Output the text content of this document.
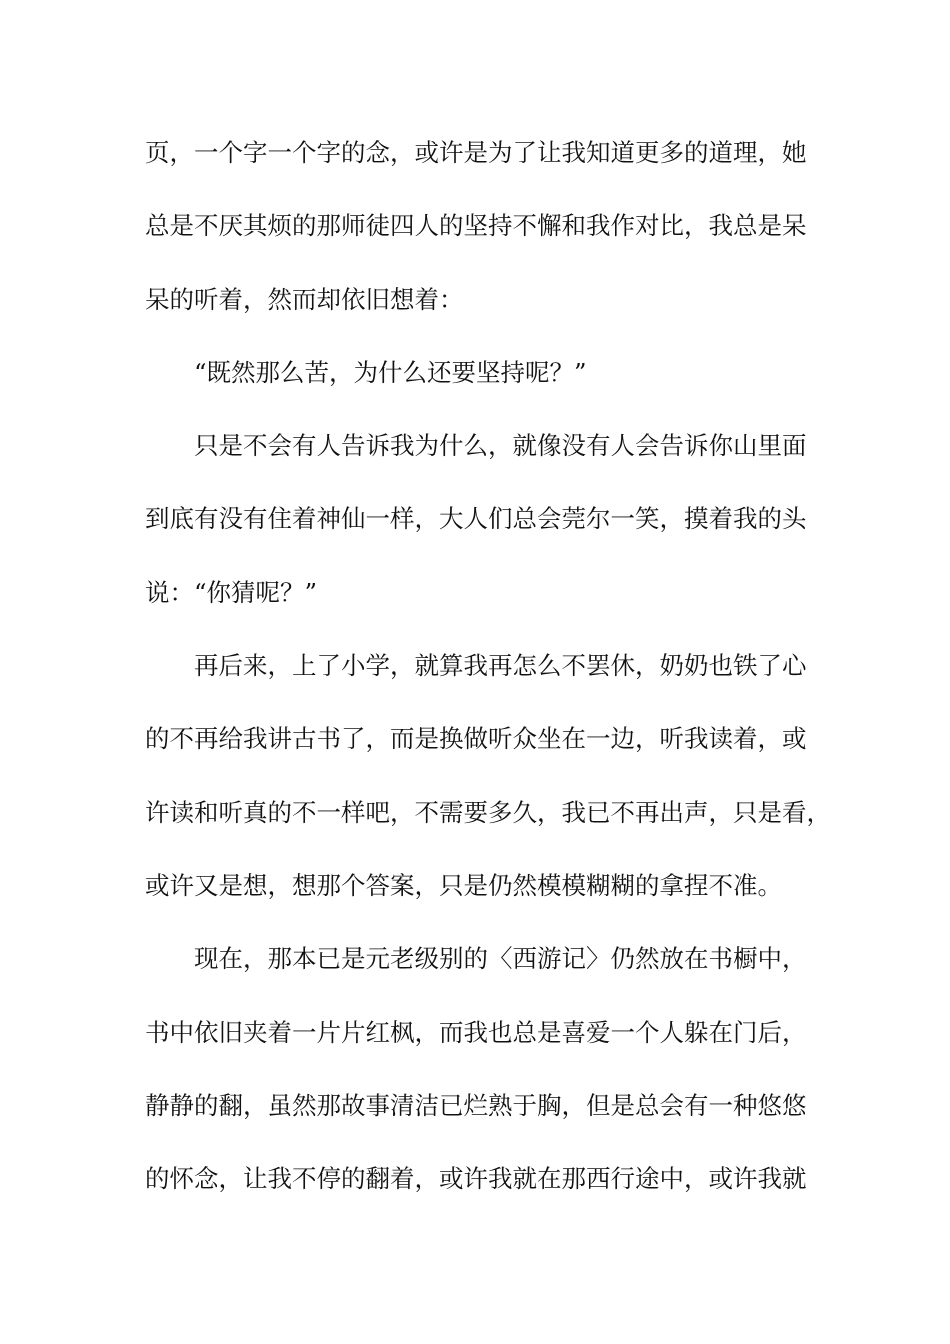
页，一个字一个字的念，或许是为了让我知道更多的道理，她
总是不厌其烦的那师徒四人的坚持不懈和我作对比，我总是呆
呆的听着，然而却依旧想着：
“既然那么苦，为什么还要坚持呢？”
只是不会有人告诉我为什么，就像没有人会告诉你山里面
到底有没有住着神仙一样，大人们总会莞尔一笑，摸着我的头
说：“你猜呢？”
再后来，上了小学，就算我再怎么不罢休，奶奶也铁了心
的不再给我讲古书了，而是换做听众坐在一边，听我读着，或
许读和听真的不一样吧，不需要多久，我已不再出声，只是看，
或许又是想，想那个答案，只是仍然模模糊糊的拿捏不准。
现在，那本已是元老级别的〈西游记〉仍然放在书橱中，
书中依旧夹着一片片红枫，而我也总是喜爱一个人躲在门后，
静静的翻，虽然那故事清洁已烂熟于胸，但是总会有一种悠悠
的怀念，让我不停的翻着，或许我就在那西行途中，或许我就
